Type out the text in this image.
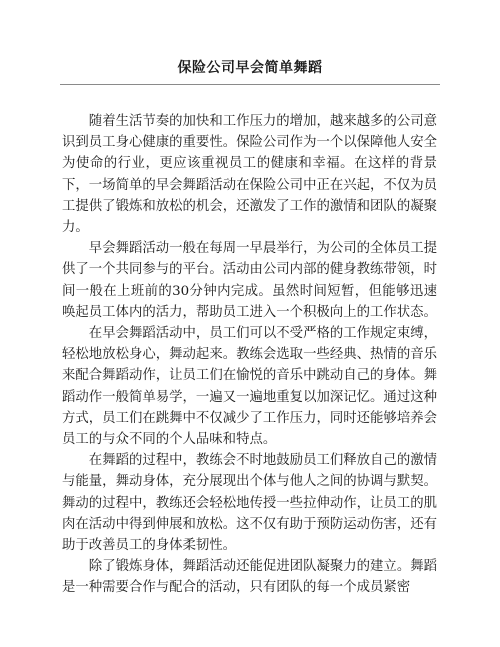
保险公司早会简单舞蹈

随着生活节奏的加快和工作压力的增加，越来越多的公司意识到员工身心健康的重要性。保险公司作为一个以保障他人安全为使命的行业，更应该重视员工的健康和幸福。在这样的背景下，一场简单的早会舞蹈活动在保险公司中正在兴起，不仅为员工提供了锻炼和放松的机会，还激发了工作的激情和团队的凝聚力。

早会舞蹈活动一般在每周一早晨举行，为公司的全体员工提供了一个共同参与的平台。活动由公司内部的健身教练带领，时间一般在上班前的30分钟内完成。虽然时间短暂，但能够迅速唤起员工体内的活力，帮助员工进入一个积极向上的工作状态。

在早会舞蹈活动中，员工们可以不受严格的工作规定束缚，轻松地放松身心，舞动起来。教练会选取一些经典、热情的音乐来配合舞蹈动作，让员工们在愉悦的音乐中跳动自己的身体。舞蹈动作一般简单易学，一遍又一遍地重复以加深记忆。通过这种方式，员工们在跳舞中不仅减少了工作压力，同时还能够培养会员工的与众不同的个人品味和特点。

在舞蹈的过程中，教练会不时地鼓励员工们释放自己的激情与能量，舞动身体，充分展现出个体与他人之间的协调与默契。舞动的过程中，教练还会轻松地传授一些拉伸动作，让员工的肌肉在活动中得到伸展和放松。这不仅有助于预防运动伤害，还有助于改善员工的身体柔韧性。

除了锻炼身体，舞蹈活动还能促进团队凝聚力的建立。舞蹈是一种需要合作与配合的活动，只有团队的每一个成员紧密
